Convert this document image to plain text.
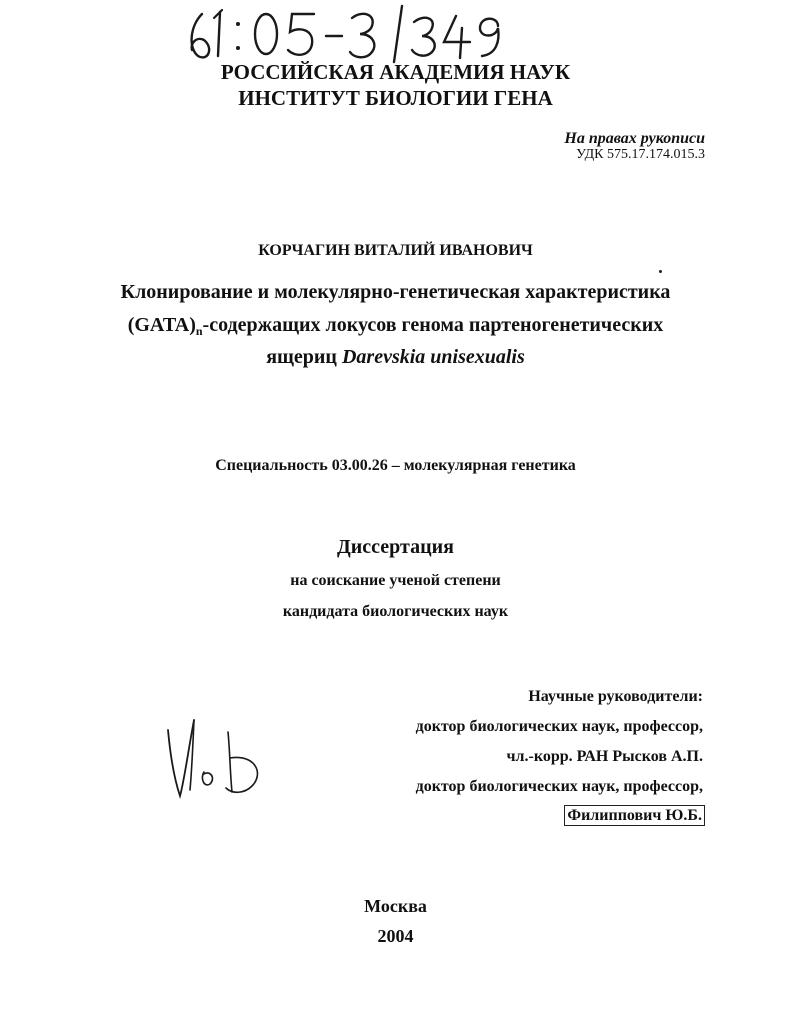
РОССИЙСКАЯ АКАДЕМИЯ НАУК
ИНСТИТУТ БИОЛОГИИ ГЕНА
На правах рукописи
УДК 575.17.174.015.3
КОРЧАГИН ВИТАЛИЙ ИВАНОВИЧ
Клонирование и молекулярно-генетическая характеристика
$(GATA)_n$-содержащих локусов генома партеногенетических
ящериц Darevskia unisexualis
Специальность 03.00.26 – молекулярная генетика
Диссертация
на соискание ученой степени
кандидата биологических наук
Научные руководители:
доктор биологических наук, профессор,
чл.-корр. РАН Рысков А.П.
доктор биологических наук, профессор,
Филиппович Ю.Б.
Москва
2004
